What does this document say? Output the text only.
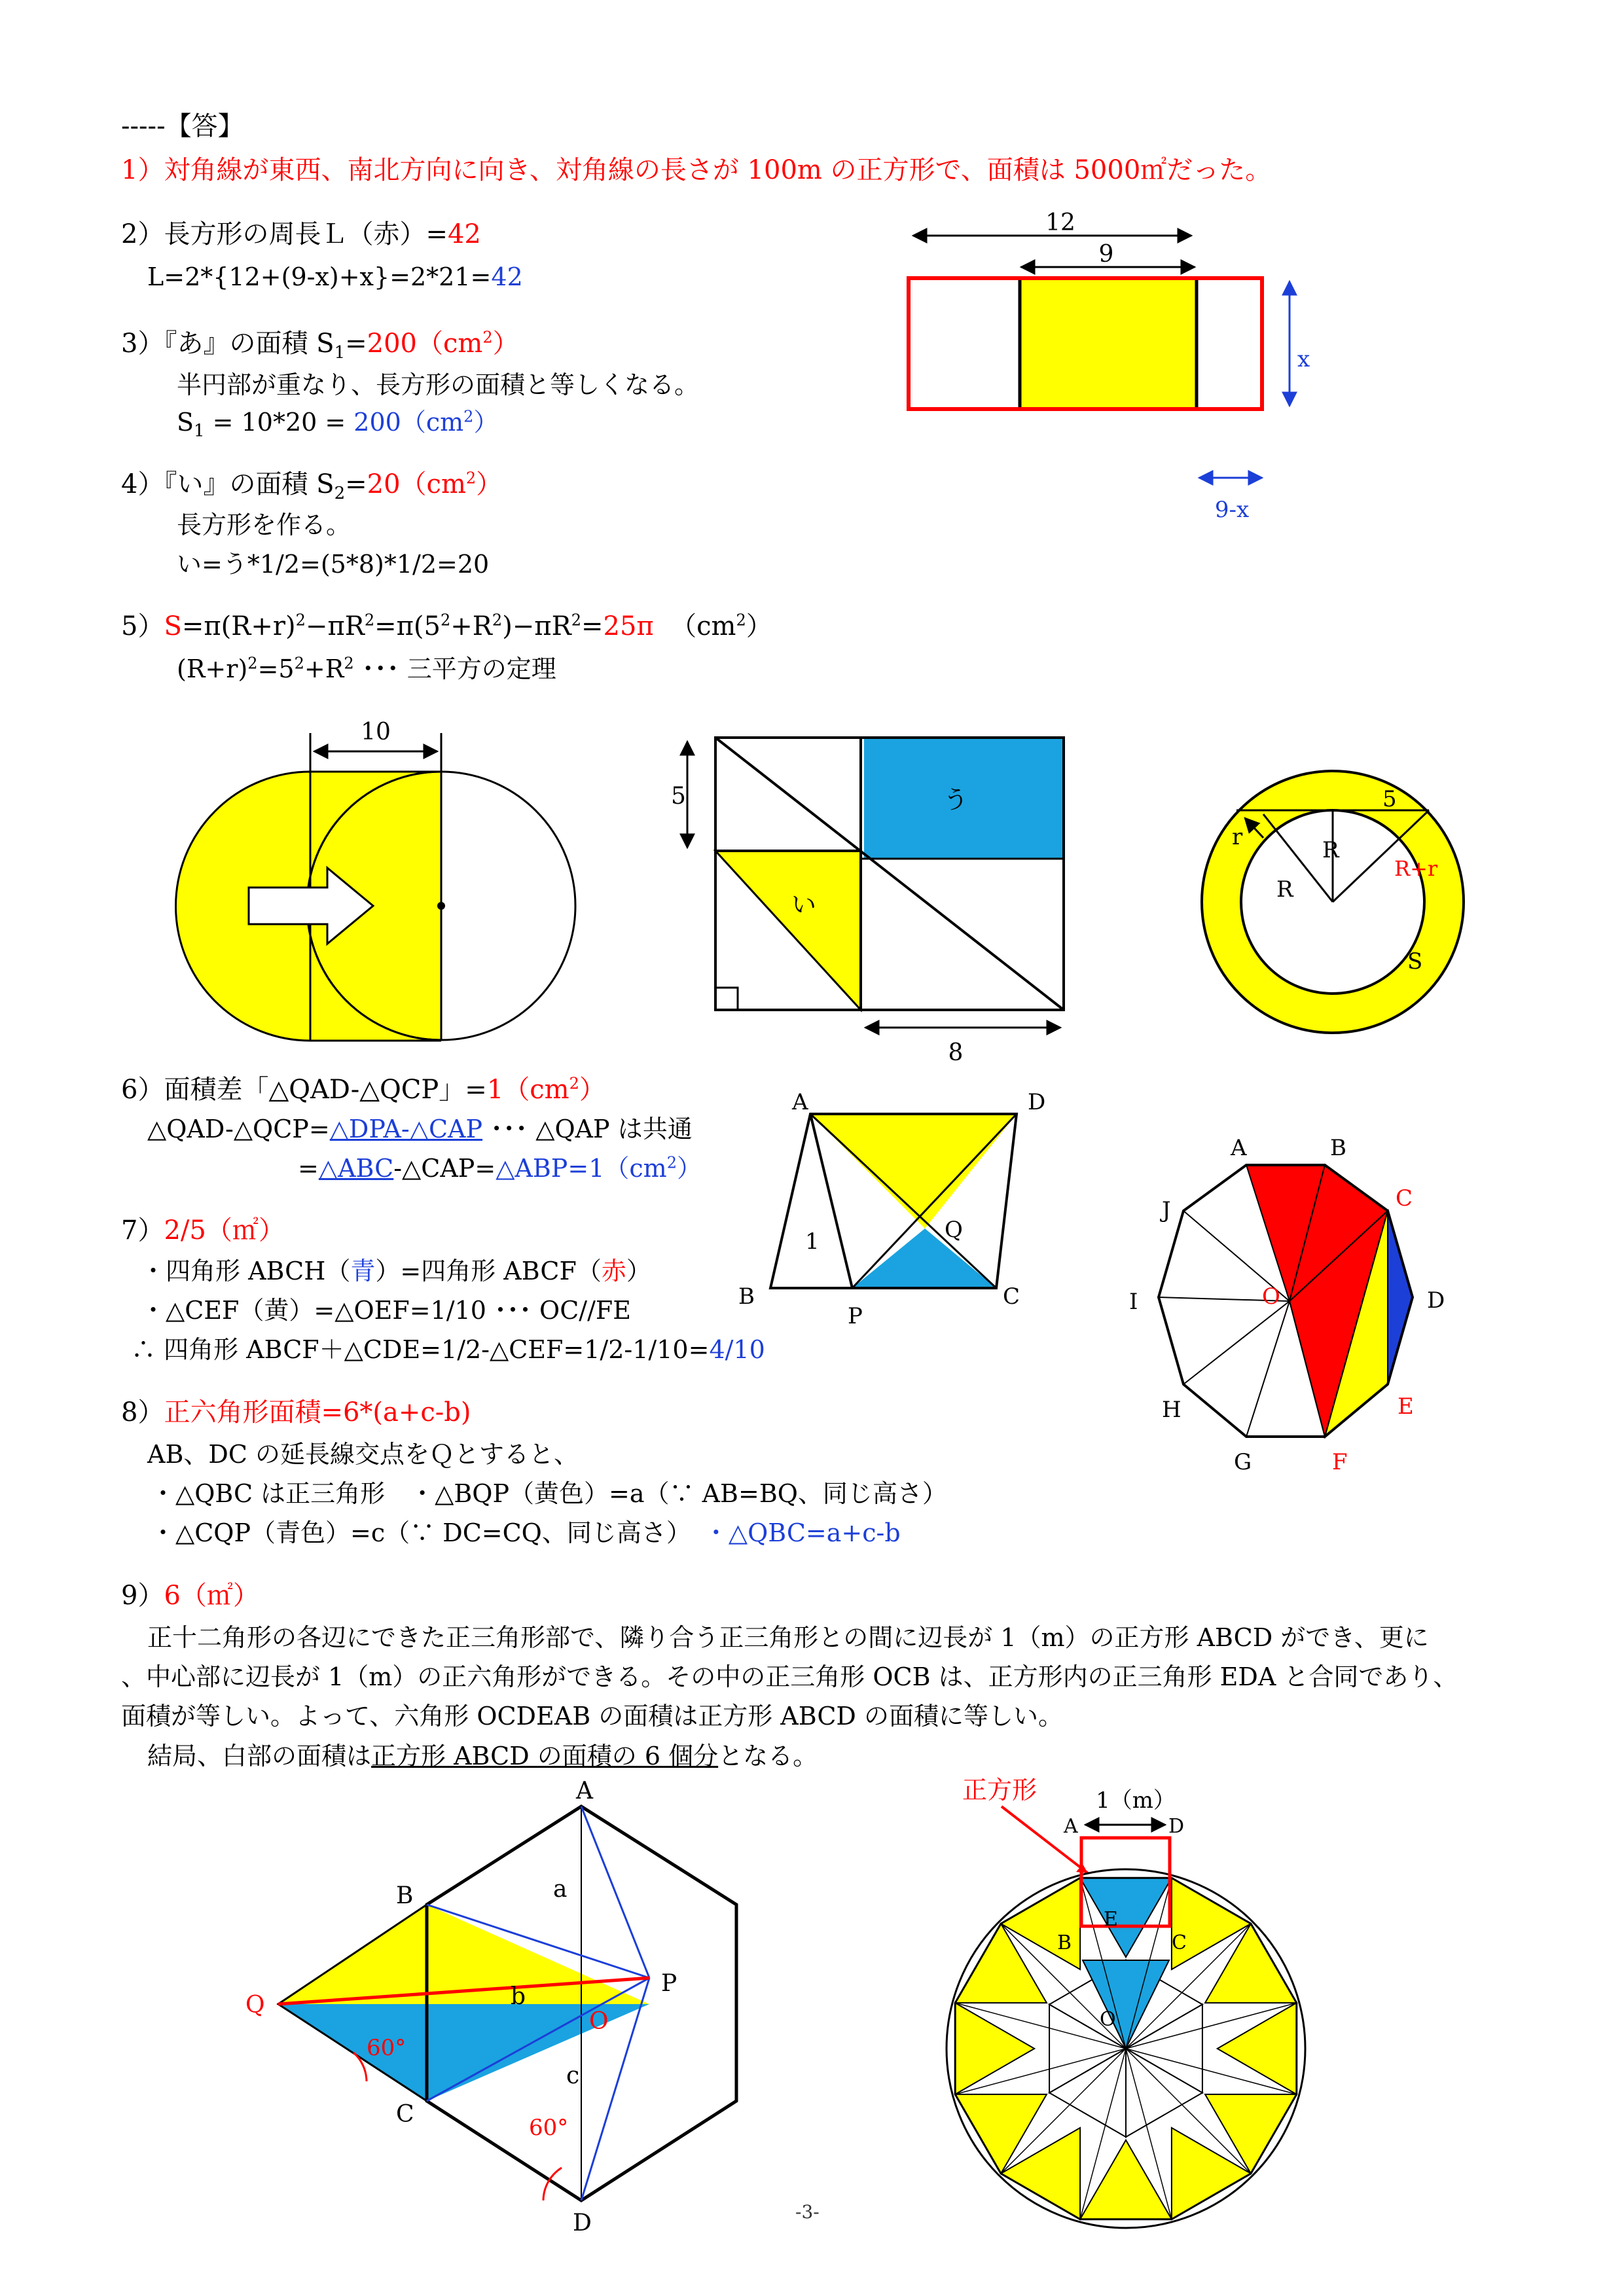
-----【答】
1）対角線が東西、南北方向に向き、対角線の長さが 100m の正方形で、面積は 5000㎡だった。
2）長方形の周長Ｌ（赤）=42
L=2*{12+(9-x)+x}=2*21=42
3）『あ』の面積 $S_1=200(cm^2)$
半円部が重なり、長方形の面積と等しくなる。
$S_1 = 10*20 = 200(cm^2)$
4）『い』の面積 $S_2=20(cm^2)$
長方形を作る。
い=う*1/2=(5*8)*1/2=20
$5)S=\pi(R+r)^2-\pi R^2=\pi(5^2+R^2)-\pi R^2=25\pi$ $(cm^2)$
$(R+r)^2=5^2+R^2$ ･･･ 三平方の定理
12
9
x
9-x
10
う
い
5
8
R
r
R
5
R+r
S
6）面積差「△QAD-△QCP」$=1(cm^2)$
△QAD-△QCP=△DPA-△CAP ･･･ △QAP は共通
$=\triangle ABC-\triangle CAP=\triangle ABP=1(cm^2)$
A	D
B
P
C
Q
1
A	B
C
D
E
F
G
H
I
J
O
7）2/5（㎡）
・四角形 ABCH（青）=四角形 ABCF（赤）
・△CEF（黄）=△OEF=1/10 ･･･ OC//FE
∴ 四角形 ABCF＋△CDE=1/2-△CEF=1/2-1/10=4/10
8）正六角形面積=6*(a+c-b)
AB、DC の延長線交点をＱとすると、
・△QBC は正三角形　・△BQP（黄色）=a（∵ AB=BQ、同じ高さ）
・△CQP（青色）=c（∵ DC=CQ、同じ高さ）　・△QBC=a+c-b
9）6（㎡）
正十二角形の各辺にできた正三角形部で、隣り合う正三角形との間に辺長が 1（m）の正方形 ABCD ができ、更に
、中心部に辺長が 1（m）の正六角形ができる。その中の正三角形 OCB は、正方形内の正三角形 EDA と合同であり、
面積が等しい。よって、六角形 OCDEAB の面積は正方形 ABCD の面積に等しい。
結局、白部の面積は正方形 ABCD の面積の 6 個分となる。
A
B
C
D
P
Q
O
a
b
c
60°
60°
正方形	1（m）
A	D
B	C
E
O
-3-
